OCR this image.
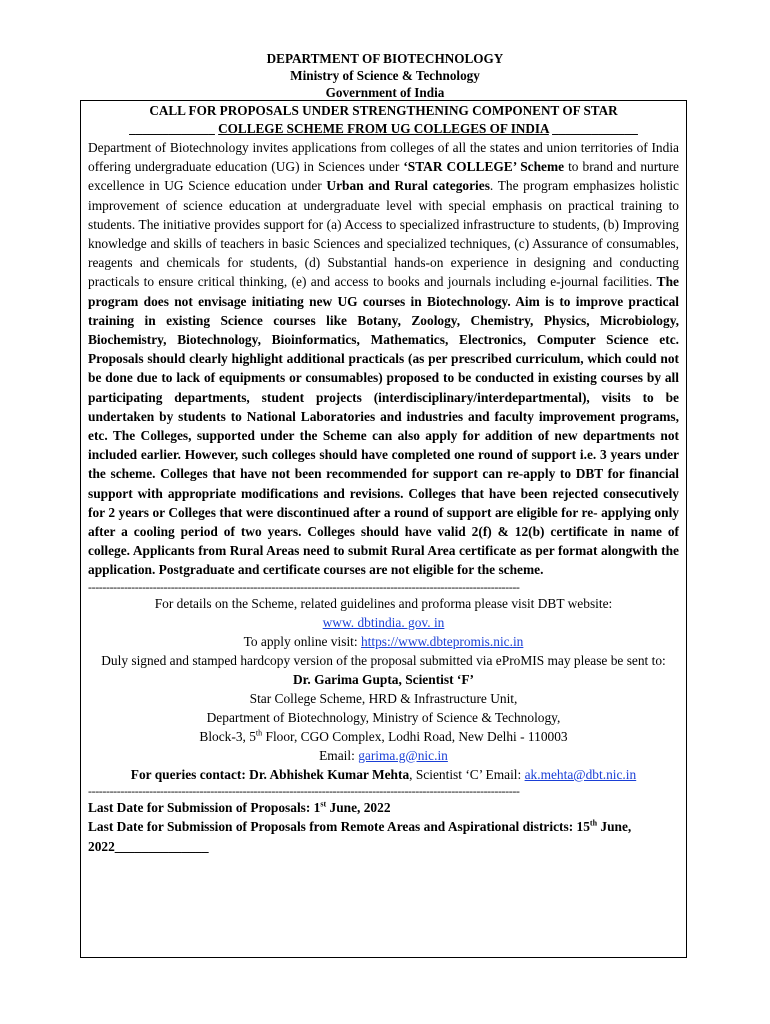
DEPARTMENT OF BIOTECHNOLOGY
Ministry of Science & Technology
Government of India
CALL FOR PROPOSALS UNDER STRENGTHENING COMPONENT OF STAR
_____________ COLLEGE SCHEME FROM UG COLLEGES OF INDIA _____________
Department of Biotechnology invites applications from colleges of all the states and union territories of India offering undergraduate education (UG) in Sciences under ‘STAR COLLEGE’ Scheme to brand and nurture excellence in UG Science education under Urban and Rural categories. The program emphasizes holistic improvement of science education at undergraduate level with special emphasis on practical training to students. The initiative provides support for (a) Access to specialized infrastructure to students, (b) Improving knowledge and skills of teachers in basic Sciences and specialized techniques, (c) Assurance of consumables, reagents and chemicals for students, (d) Substantial hands-on experience in designing and conducting practicals to ensure critical thinking, (e) and access to books and journals including e-journal facilities. The program does not envisage initiating new UG courses in Biotechnology. Aim is to improve practical training in existing Science courses like Botany, Zoology, Chemistry, Physics, Microbiology, Biochemistry, Biotechnology, Bioinformatics, Mathematics, Electronics, Computer Science etc. Proposals should clearly highlight additional practicals (as per prescribed curriculum, which could not be done due to lack of equipments or consumables) proposed to be conducted in existing courses by all participating departments, student projects (interdisciplinary/interdepartmental), visits to be undertaken by students to National Laboratories and industries and faculty improvement programs, etc. The Colleges, supported under the Scheme can also apply for addition of new departments not included earlier. However, such colleges should have completed one round of support i.e. 3 years under the scheme. Colleges that have not been recommended for support can re-apply to DBT for financial support with appropriate modifications and revisions. Colleges that have been rejected consecutively for 2 years or Colleges that were discontinued after a round of support are eligible for re- applying only after a cooling period of two years. Colleges should have valid 2(f) & 12(b) certificate in name of college. Applicants from Rural Areas need to submit Rural Area certificate as per format alongwith the application. Postgraduate and certificate courses are not eligible for the scheme.
------------------------------------------------------------------------------------------------------------------------
For details on the Scheme, related guidelines and proforma please visit DBT website:
www. dbtindia. gov. in
To apply online visit: https://www.dbtepromis.nic.in
Duly signed and stamped hardcopy version of the proposal submitted via eProMIS may please be sent to:
Dr. Garima Gupta, Scientist ‘F’
Star College Scheme, HRD & Infrastructure Unit,
Department of Biotechnology, Ministry of Science & Technology,
Block-3, 5th Floor, CGO Complex, Lodhi Road, New Delhi - 110003
Email: garima.g@nic.in
For queries contact: Dr. Abhishek Kumar Mehta, Scientist ‘C’ Email: ak.mehta@dbt.nic.in
------------------------------------------------------------------------------------------------------------------------
Last Date for Submission of Proposals: 1st June, 2022
Last Date for Submission of Proposals from Remote Areas and Aspirational districts: 15th June, 2022______________
